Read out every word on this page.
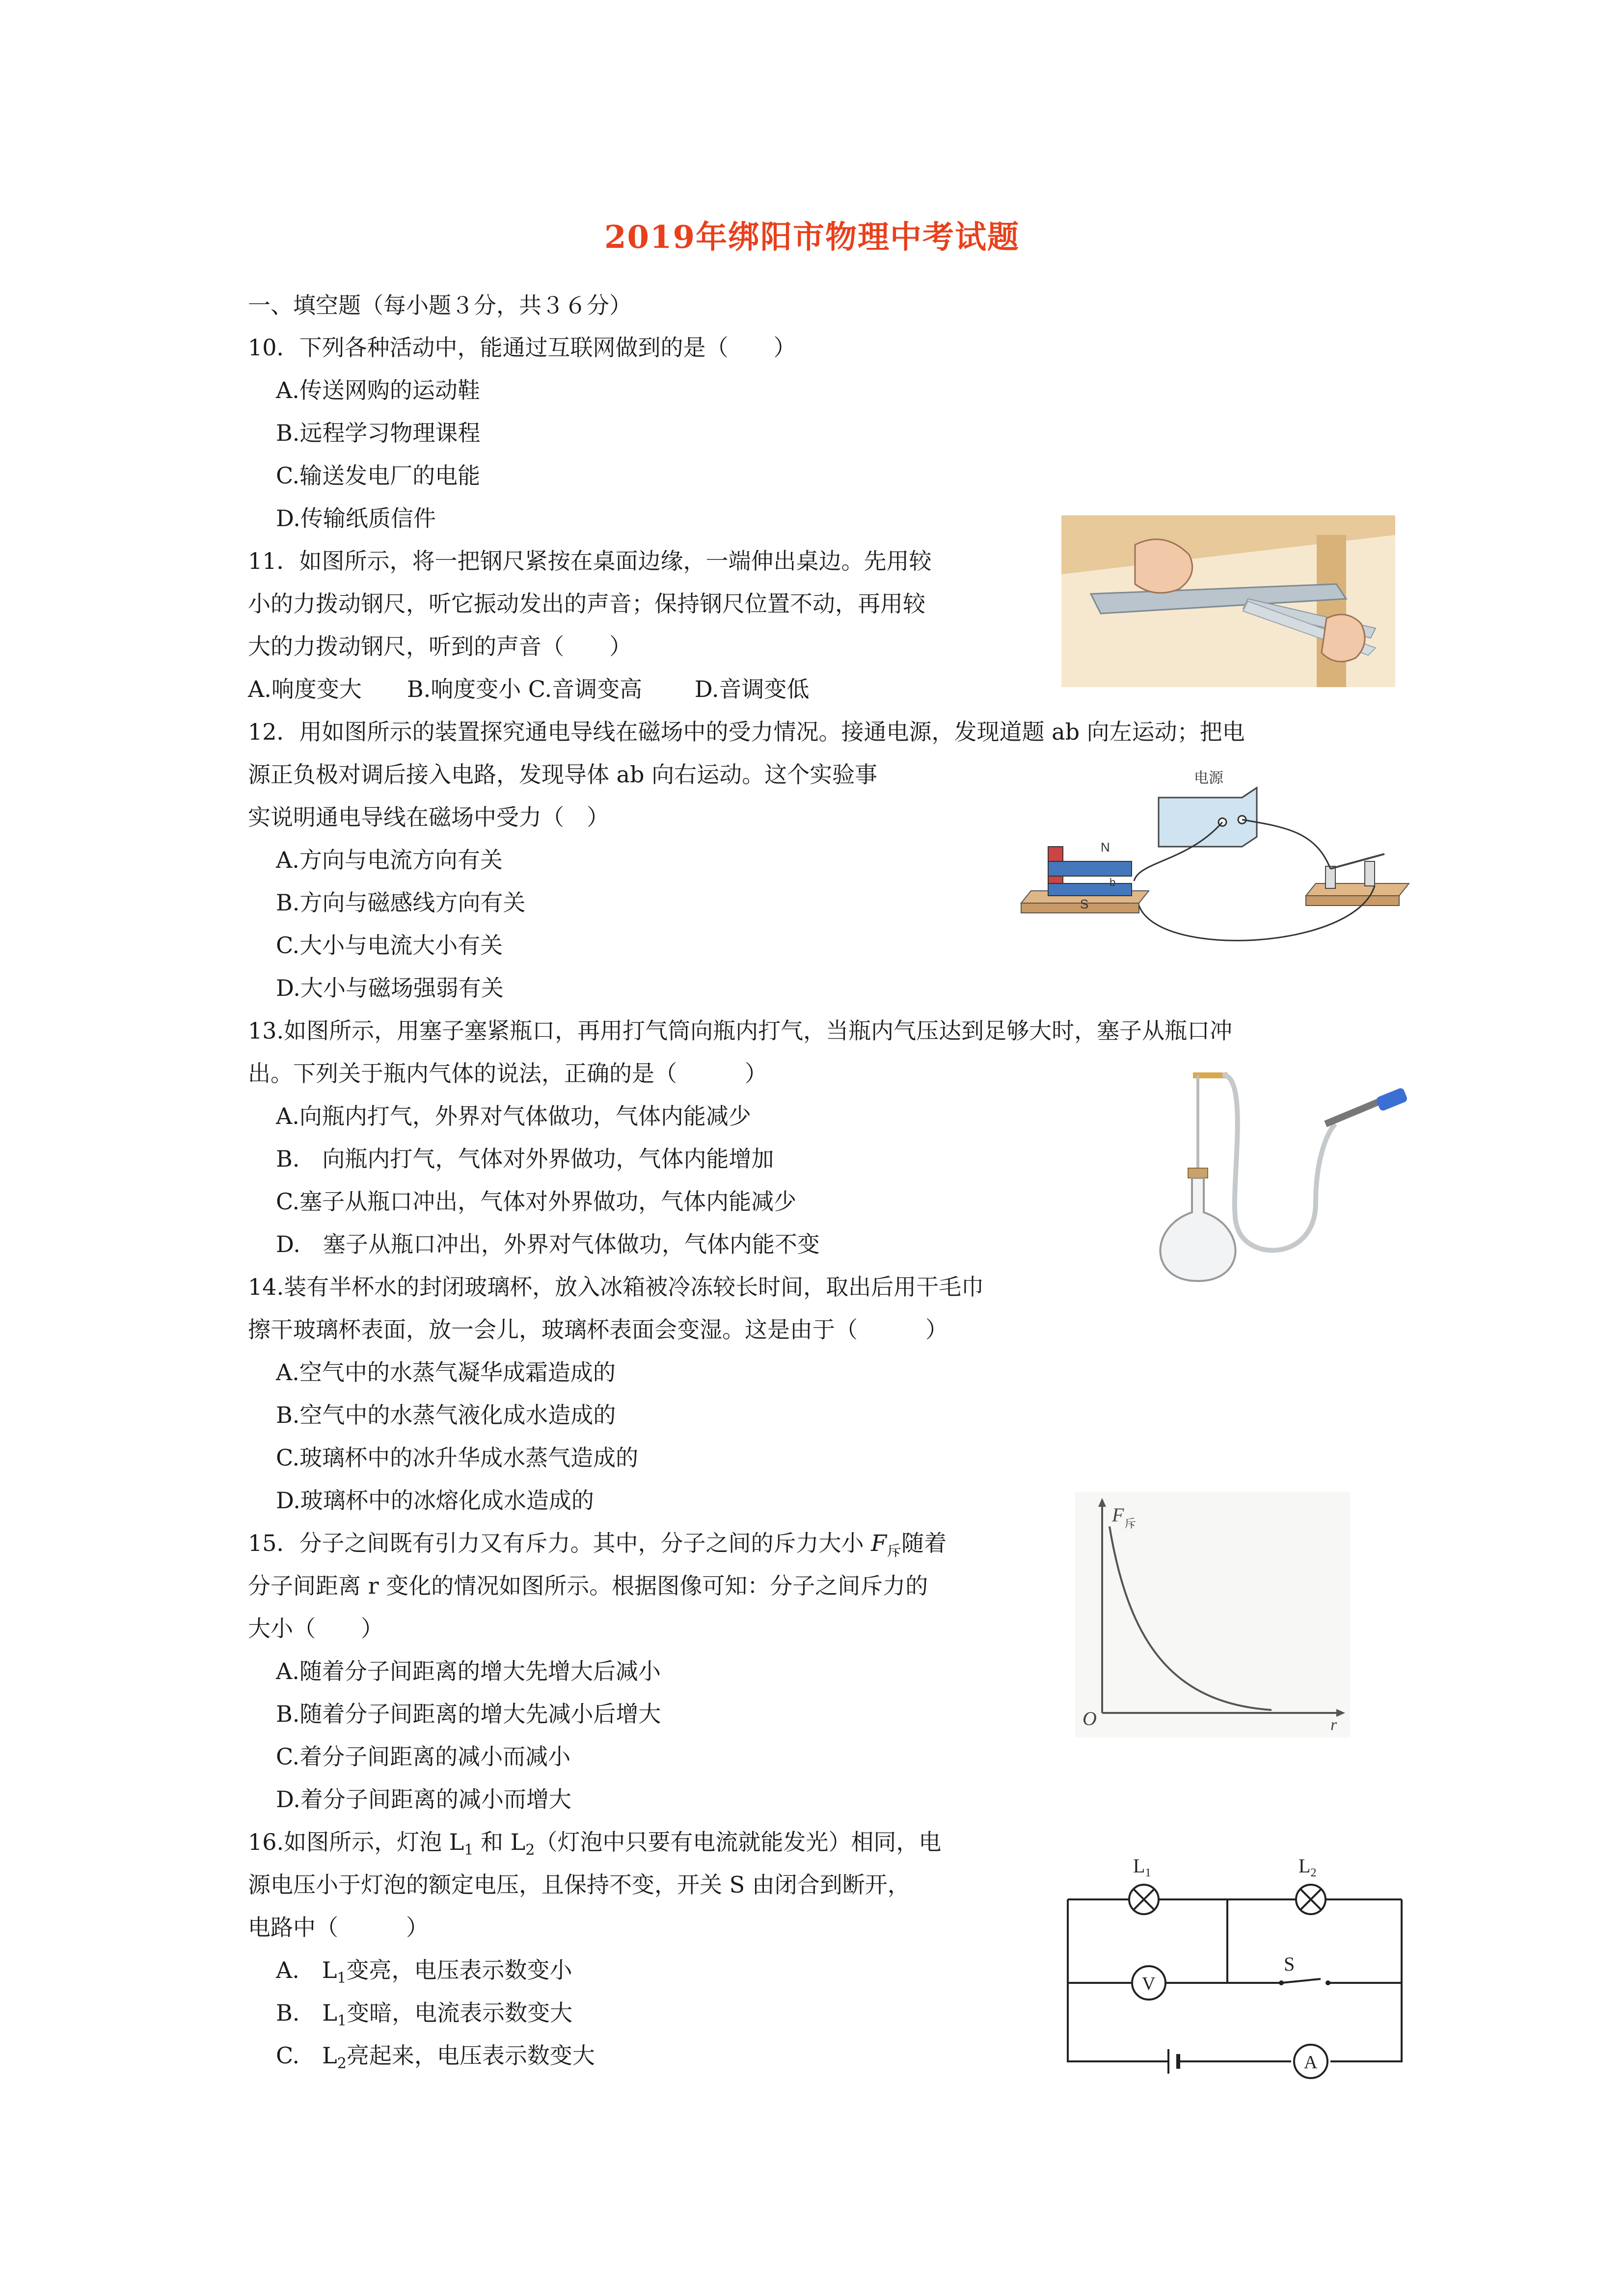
2019年绑阳市物理中考试题
一、填空题（每小题３分，共３６分）
10．下列各种活动中，能通过互联网做到的是（　　）
A.传送网购的运动鞋
B.远程学习物理课程
C.输送发电厂的电能
D.传输纸质信件
11．如图所示，将一把钢尺紧按在桌面边缘，一端伸出桌边。先用较
小的力拨动钢尺，听它振动发出的声音；保持钢尺位置不动，再用较
大的力拨动钢尺，听到的声音（　　）
A.响度变大　　B.响度变小 C.音调变高　　 D.音调变低
12．用如图所示的装置探究通电导线在磁场中的受力情况。接通电源，发现道题 ab 向左运动；把电
源正负极对调后接入电路，发现导体 ab 向右运动。这个实验事
实说明通电导线在磁场中受力（　）
A.方向与电流方向有关
B.方向与磁感线方向有关
C.大小与电流大小有关
D.大小与磁场强弱有关
电源
N
S
b
13.如图所示，用塞子塞紧瓶口，再用打气筒向瓶内打气，当瓶内气压达到足够大时，塞子从瓶口冲
出。下列关于瓶内气体的说法，正确的是（　　　）
A.向瓶内打气，外界对气体做功，气体内能减少
B.　向瓶内打气，气体对外界做功，气体内能增加
C.塞子从瓶口冲出，气体对外界做功，气体内能减少
D.　塞子从瓶口冲出，外界对气体做功，气体内能不变
14.装有半杯水的封闭玻璃杯，放入冰箱被冷冻较长时间，取出后用干毛巾
擦干玻璃杯表面，放一会儿，玻璃杯表面会变湿。这是由于（　　　）
A.空气中的水蒸气凝华成霜造成的
B.空气中的水蒸气液化成水造成的
C.玻璃杯中的冰升华成水蒸气造成的
D.玻璃杯中的冰熔化成水造成的
15．分子之间既有引力又有斥力。其中，分子之间的斥力大小 $F_斥$随着
分子间距离 r 变化的情况如图所示。根据图像可知：分子之间斥力的
大小（　　）
A.随着分子间距离的增大先增大后减小
B.随着分子间距离的增大先减小后增大
C.着分子间距离的减小而减小
D.着分子间距离的减小而增大
F 斥
O	r
16.如图所示，灯泡 $L_1$ 和 $L_2$（灯泡中只要有电流就能发光）相同，电
源电压小于灯泡的额定电压，且保持不变，开关 S 由闭合到断开，
电路中（　　　）
A.　$L_1$变亮，电压表示数变小
B.　$L_1$变暗，电流表示数变大
C.　$L_2$亮起来，电压表示数变大
$L_1$	$L_2$
V
A
S
